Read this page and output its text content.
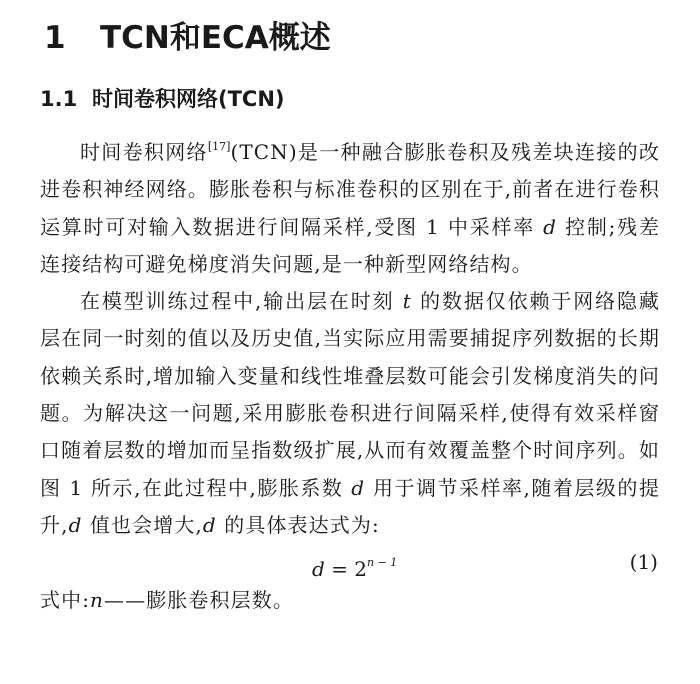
1 TCN和ECA概述
1.1 时间卷积网络(TCN)

时间卷积网络[17](TCN)是一种融合膨胀卷积及残差块连接的改进卷积神经网络。膨胀卷积与标准卷积的区别在于,前者在进行卷积运算时可对输入数据进行间隔采样,受图 1 中采样率 d 控制;残差连接结构可避免梯度消失问题,是一种新型网络结构。

在模型训练过程中,输出层在时刻 t 的数据仅依赖于网络隐藏层在同一时刻的值以及历史值,当实际应用需要捕捉序列数据的长期依赖关系时,增加输入变量和线性堆叠层数可能会引发梯度消失的问题。为解决这一问题,采用膨胀卷积进行间隔采样,使得有效采样窗口随着层数的增加而呈指数级扩展,从而有效覆盖整个时间序列。如图 1 所示,在此过程中,膨胀系数 d 用于调节采样率,随着层级的提升,d 值也会增大,d 的具体表达式为:

$d = 2^{n - 1}$	(1)

式中:n——膨胀卷积层数。
